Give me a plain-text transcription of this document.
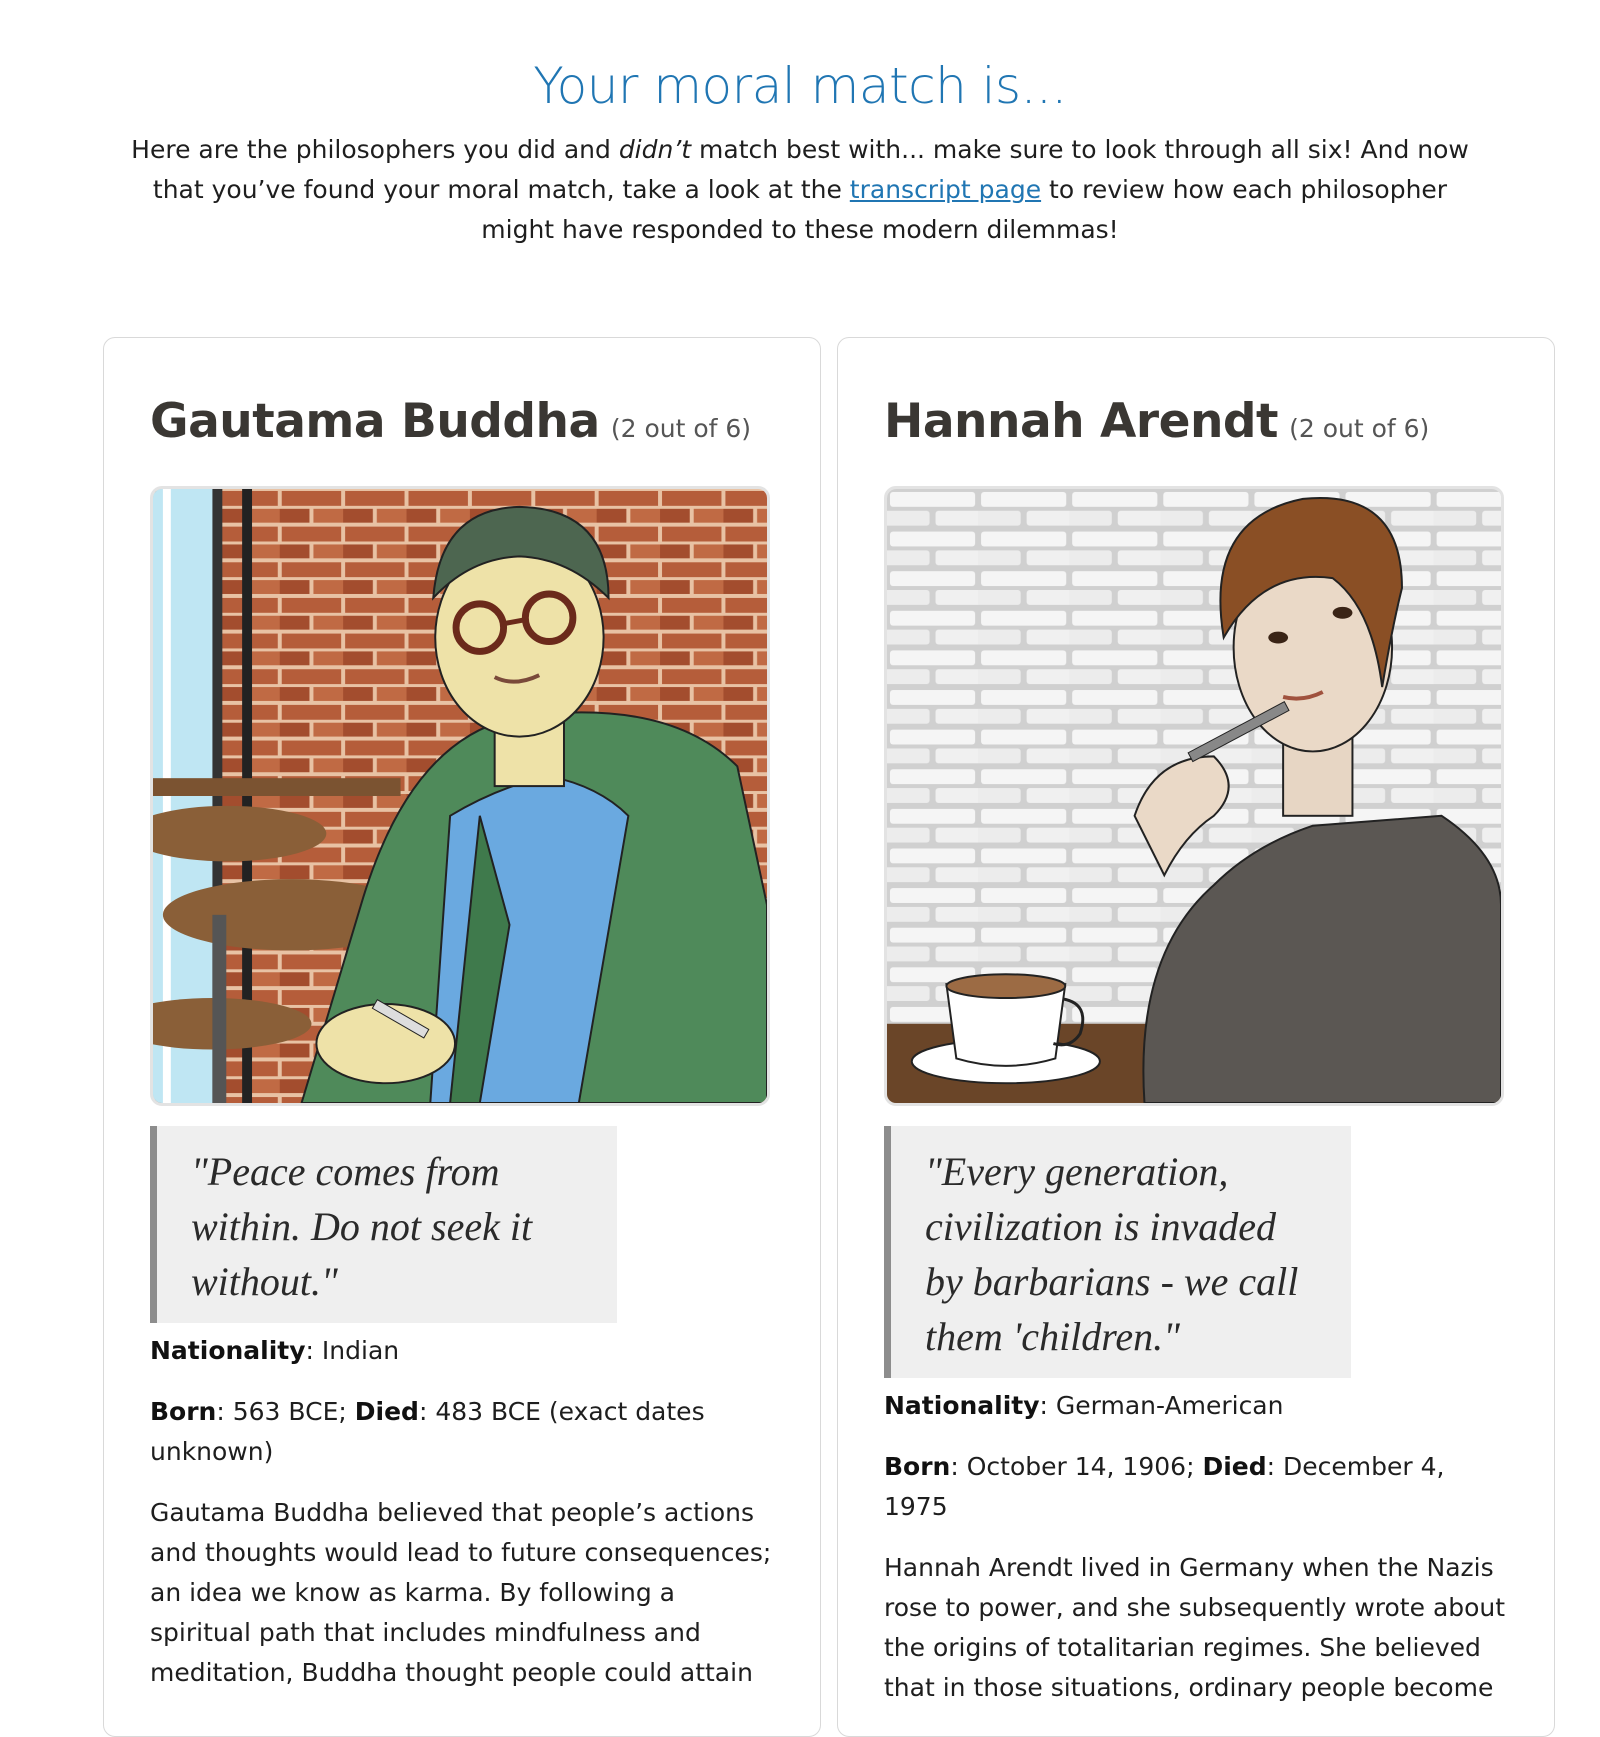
Your moral match is...

Here are the philosophers you did and didn’t match best with... make sure to look through all six! And now that you’ve found your moral match, take a look at the transcript page to review how each philosopher might have responded to these modern dilemmas!

Gautama Buddha (2 out of 6)
"Peace comes from within. Do not seek it without."

Nationality: Indian

Born: 563 BCE; Died: 483 BCE (exact dates unknown)

Gautama Buddha believed that people’s actions and thoughts would lead to future consequences; an idea we know as karma. By following a spiritual path that includes mindfulness and meditation, Buddha thought people could attain

Hannah Arendt (2 out of 6)
"Every generation, civilization is invaded by barbarians - we call them 'children."

Nationality: German-American

Born: October 14, 1906; Died: December 4, 1975

Hannah Arendt lived in Germany when the Nazis rose to power, and she subsequently wrote about the origins of totalitarian regimes. She believed that in those situations, ordinary people become
